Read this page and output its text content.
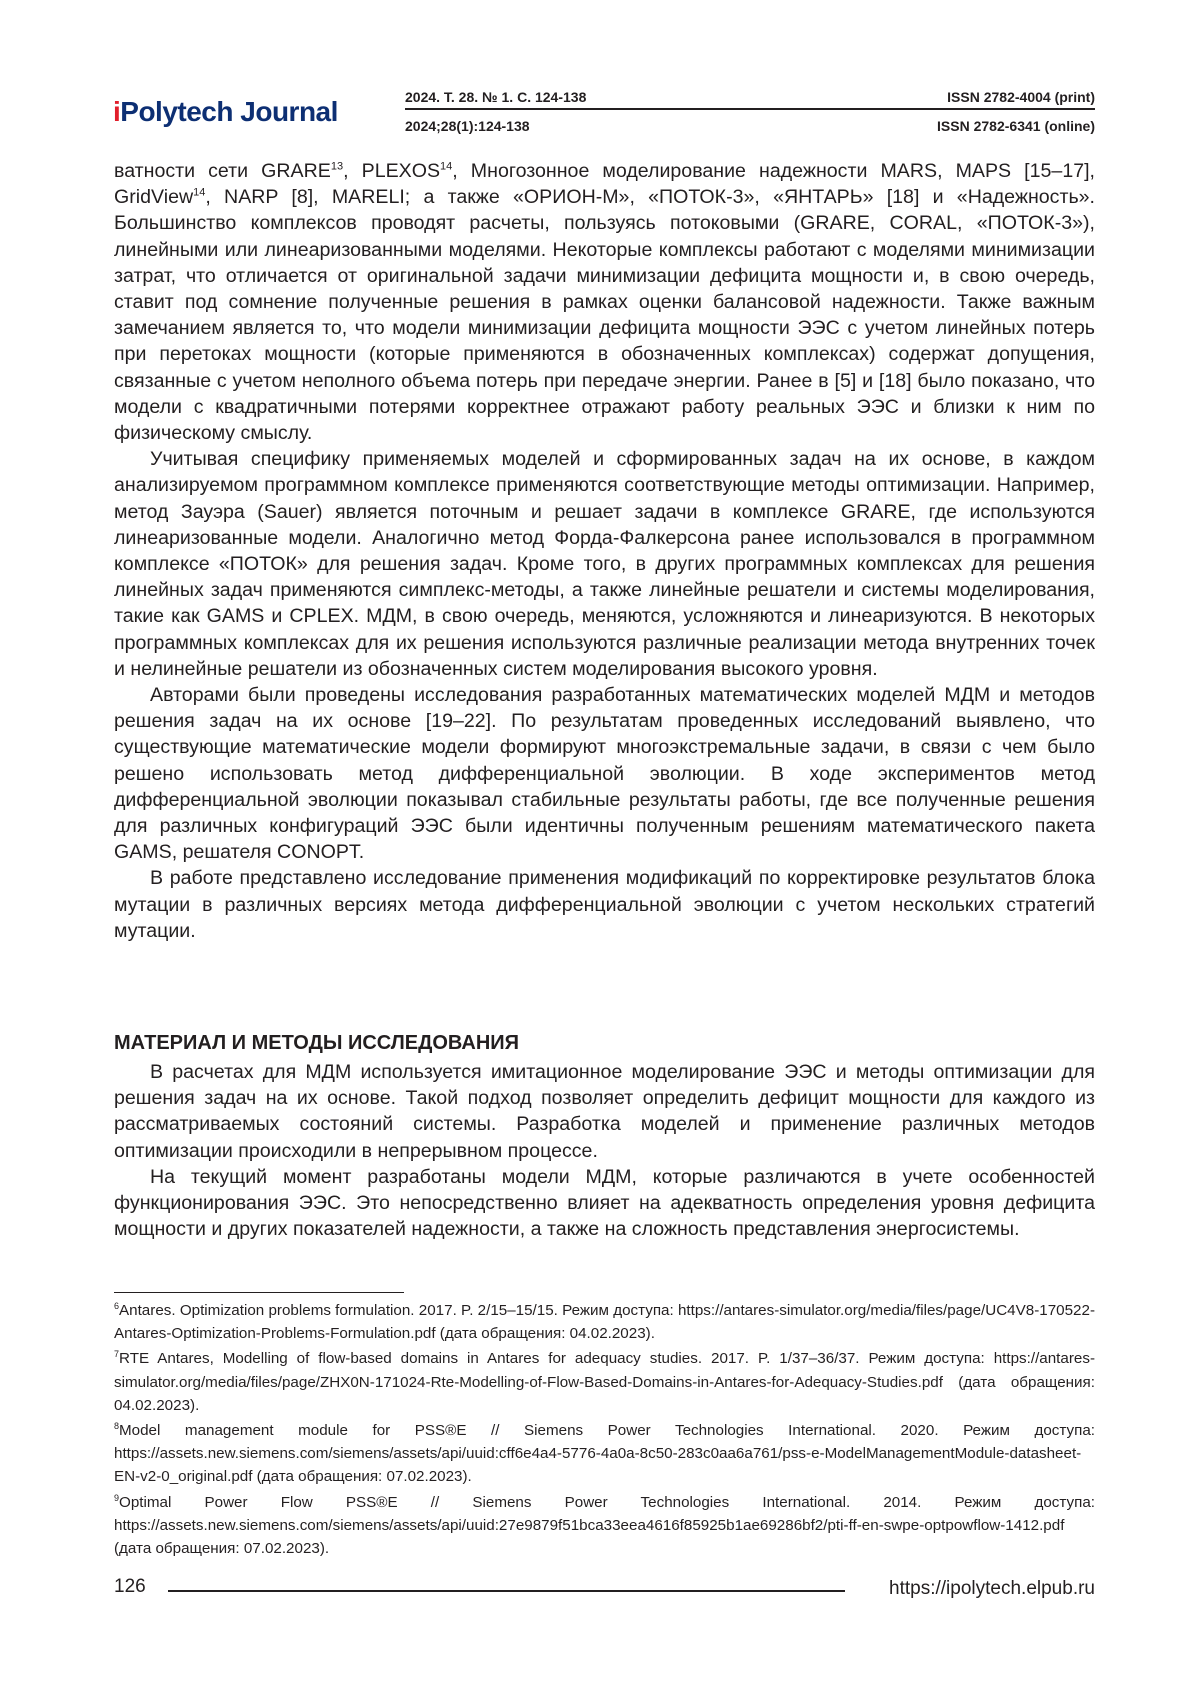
iPolytech Journal	2024. Т. 28. № 1. С. 124-138	ISSN 2782-4004 (print)
2024;28(1):124-138	ISSN 2782-6341 (online)

ватности сети GRARE$^{13}$, PLEXOS$^{14}$, Многозонное моделирование надежности MARS, MAPS [15–17], GridView$^{14}$, NARP [8], MARELI; а также «ОРИОН-М», «ПОТОК-3», «ЯНТАРЬ» [18] и «Надежность». Большинство комплексов проводят расчеты, пользуясь потоковыми (GRARE, CORAL, «ПОТОК-3»), линейными или линеаризованными моделями. Некоторые комплексы работают с моделями минимизации затрат, что отличается от оригинальной задачи минимизации дефицита мощности и, в свою очередь, ставит под сомнение полученные решения в рамках оценки балансовой надежности. Также важным замечанием является то, что модели минимизации дефицита мощности ЭЭС с учетом линейных потерь при перетоках мощности (которые применяются в обозначенных комплексах) содержат допущения, связанные с учетом неполного объема потерь при передаче энергии. Ранее в [5] и [18] было показано, что модели с квадратичными потерями корректнее отражают работу реальных ЭЭС и близки к ним по физическому смыслу.

Учитывая специфику применяемых моделей и сформированных задач на их основе, в каждом анализируемом программном комплексе применяются соответствующие методы оптимизации. Например, метод Зауэра (Sauer) является поточным и решает задачи в комплексе GRARE, где используются линеаризованные модели. Аналогично метод Форда-Фалкерсона ранее использовался в программном комплексе «ПОТОК» для решения задач. Кроме того, в других программных комплексах для решения линейных задач применяются симплекс-методы, а также линейные решатели и системы моделирования, такие как GAMS и CPLEX. МДМ, в свою очередь, меняются, усложняются и линеаризуются. В некоторых программных комплексах для их решения используются различные реализации метода внутренних точек и нелинейные решатели из обозначенных систем моделирования высокого уровня.

Авторами были проведены исследования разработанных математических моделей МДМ и методов решения задач на их основе [19–22]. По результатам проведенных исследований выявлено, что существующие математические модели формируют многоэкстремальные задачи, в связи с чем было решено использовать метод дифференциальной эволюции. В ходе экспериментов метод дифференциальной эволюции показывал стабильные результаты работы, где все полученные решения для различных конфигураций ЭЭС были идентичны полученным решениям математического пакета GAMS, решателя CONOPT.

В работе представлено исследование применения модификаций по корректировке результатов блока мутации в различных версиях метода дифференциальной эволюции с учетом нескольких стратегий мутации.

МАТЕРИАЛ И МЕТОДЫ ИССЛЕДОВАНИЯ

В расчетах для МДМ используется имитационное моделирование ЭЭС и методы оптимизации для решения задач на их основе. Такой подход позволяет определить дефицит мощности для каждого из рассматриваемых состояний системы. Разработка моделей и применение различных методов оптимизации происходили в непрерывном процессе.

На текущий момент разработаны модели МДМ, которые различаются в учете особенностей функционирования ЭЭС. Это непосредственно влияет на адекватность определения уровня дефицита мощности и других показателей надежности, а также на сложность представления энергосистемы.

$^6$Antares. Optimization problems formulation. 2017. P. 2/15–15/15. Режим доступа: https://antares-simulator.org/media/files/page/UC4V8-170522-Antares-Optimization-Problems-Formulation.pdf (дата обращения: 04.02.2023).

$^7$RTE Antares, Modelling of flow-based domains in Antares for adequacy studies. 2017. P. 1/37–36/37. Режим доступа: https://antares-simulator.org/media/files/page/ZHX0N-171024-Rte-Modelling-of-Flow-Based-Domains-in-Antares-for-Adequacy-Studies.pdf (дата обращения: 04.02.2023).

$^8$Model management module for PSS®E // Siemens Power Technologies International. 2020. Режим доступа: https://assets.new.siemens.com/siemens/assets/api/uuid:cff6e4a4-5776-4a0a-8c50-283c0aa6a761/pss-e-ModelManagementModule-datasheet-EN-v2-0_original.pdf (дата обращения: 07.02.2023).

$^9$Optimal Power Flow PSS®E // Siemens Power Technologies International. 2014. Режим доступа: https://assets.new.siemens.com/siemens/assets/api/uuid:27e9879f51bca33eea4616f85925b1ae69286bf2/pti-ff-en-swpe-optpowflow-1412.pdf (дата обращения: 07.02.2023).

126	https://ipolytech.elpub.ru
